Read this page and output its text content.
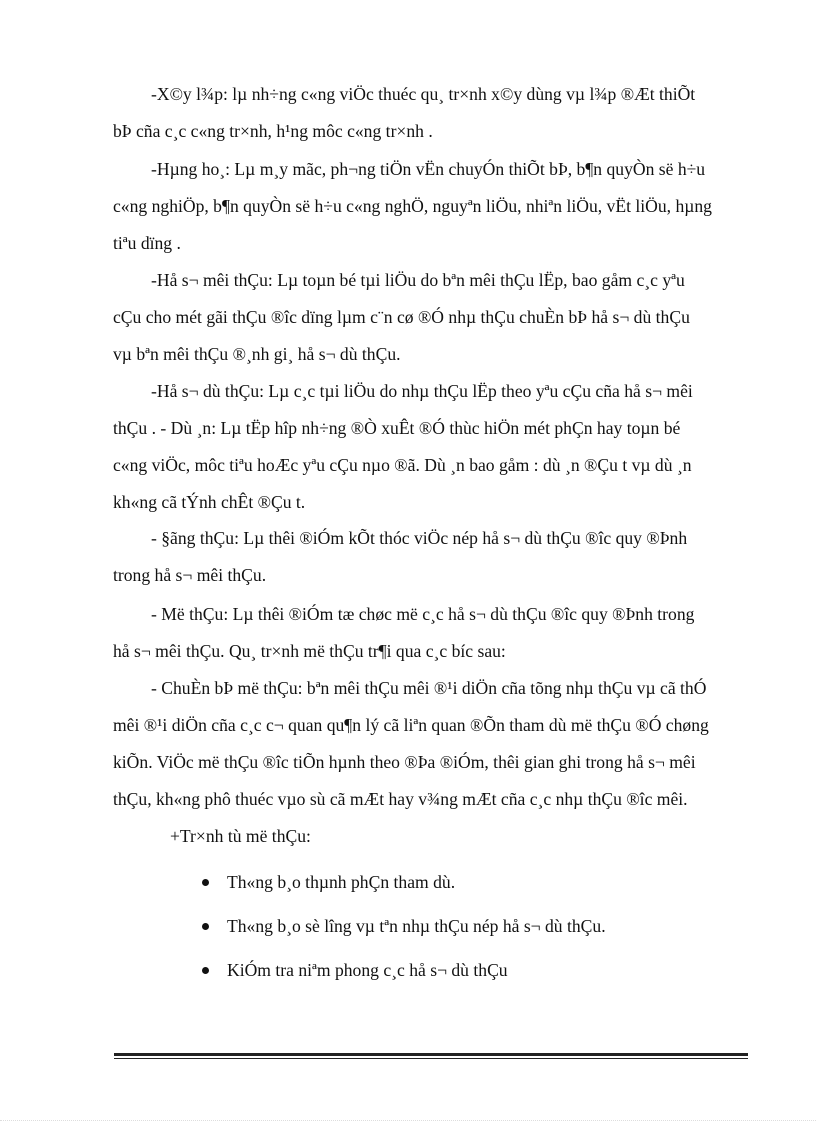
-X©y l¾p: lµ nh÷ng c«ng viÖc thuéc qu¸ tr×nh x©y dùng vµ l¾p ®Æt thiÕt
bÞ cña c¸c c«ng tr×nh, h¹ng môc c«ng tr×nh .
-Hµng ho¸: Lµ m¸y mãc, ph¬ng tiÖn vËn chuyÓn thiÕt bÞ, b¶n quyÒn së h÷u
c«ng nghiÖp, b¶n quyÒn së h÷u c«ng nghÖ, nguyªn liÖu, nhiªn liÖu, vËt liÖu, hµng
tiªu dïng .
-Hå s¬ mêi thÇu: Lµ toµn bé tµi liÖu do bªn mêi thÇu lËp, bao gåm c¸c yªu
cÇu cho mét gãi thÇu ®îc dïng lµm c¨n cø ®Ó nhµ thÇu chuÈn bÞ hå s¬ dù thÇu
vµ bªn mêi thÇu ®¸nh gi¸ hå s¬ dù thÇu.
-Hå s¬ dù thÇu: Lµ c¸c tµi liÖu do nhµ thÇu lËp theo yªu cÇu cña hå s¬ mêi
thÇu . - Dù ¸n: Lµ tËp hîp nh÷ng ®Ò xuÊt ®Ó thùc hiÖn mét phÇn hay toµn bé
c«ng viÖc, môc tiªu hoÆc yªu cÇu nµo ®ã. Dù ¸n bao gåm : dù ¸n ®Çu t vµ dù ¸n
kh«ng cã tÝnh chÊt ®Çu t.
- §ãng thÇu: Lµ thêi ®iÓm kÕt thóc viÖc nép hå s¬ dù thÇu ®îc quy ®Þnh
trong hå s¬ mêi thÇu.
- Më thÇu: Lµ thêi ®iÓm tæ chøc më c¸c hå s¬ dù thÇu ®îc quy ®Þnh trong
hå s¬ mêi thÇu. Qu¸ tr×nh më thÇu tr¶i qua c¸c bíc sau:
- ChuÈn bÞ më thÇu: bªn mêi thÇu mêi ®¹i diÖn cña tõng nhµ thÇu vµ cã thÓ
mêi ®¹i diÖn cña c¸c c¬ quan qu¶n lý cã liªn quan ®Õn tham dù më thÇu ®Ó chøng
kiÕn. ViÖc më thÇu ®îc tiÕn hµnh theo ®Þa ®iÓm, thêi gian ghi trong hå s¬ mêi
thÇu, kh«ng phô thuéc vµo sù cã mÆt hay v¾ng mÆt cña c¸c nhµ thÇu ®îc mêi.
+Tr×nh tù më thÇu:
Th«ng b¸o thµnh phÇn tham dù.
Th«ng b¸o sè lîng vµ tªn nhµ thÇu nép hå s¬ dù thÇu.
KiÓm tra niªm phong c¸c hå s¬ dù thÇu
